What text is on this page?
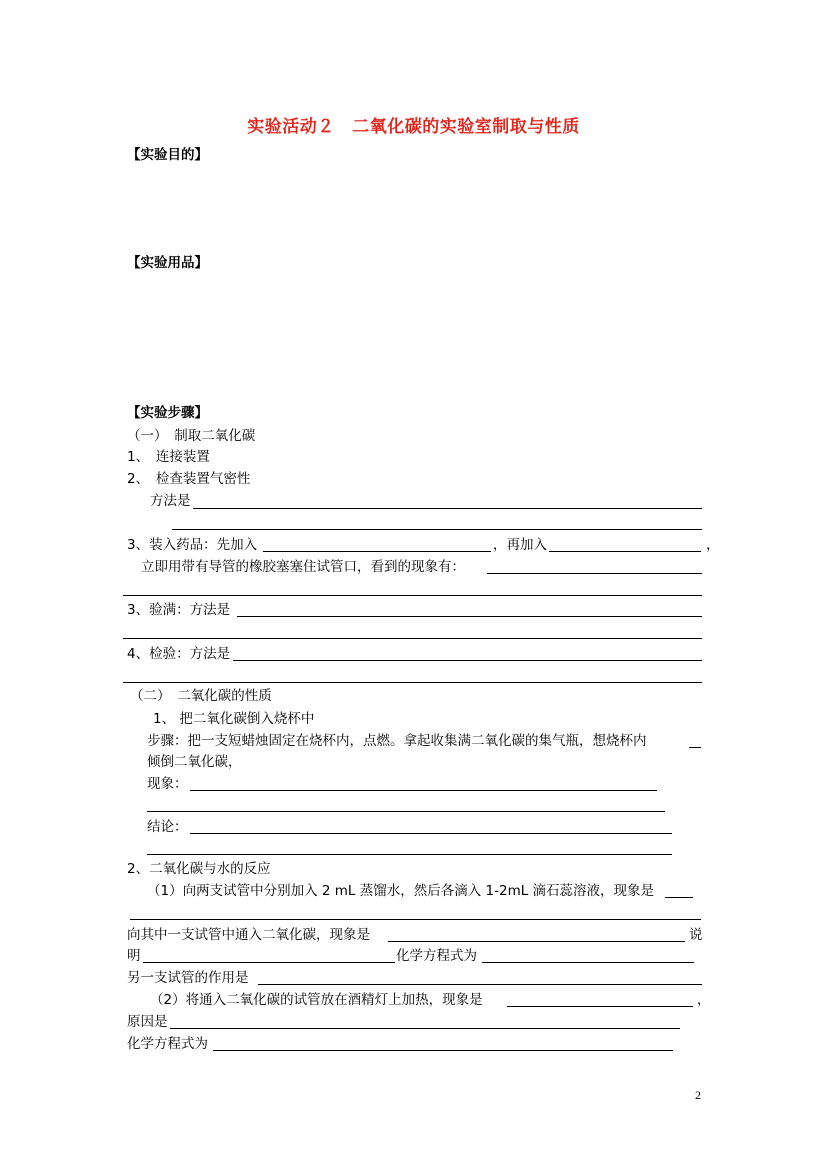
实验活动２　二氧化碳的实验室制取与性质
【实验目的】
【实验用品】
【实验步骤】
（一）　制取二氧化碳
1、　连接装置
2、　检查装置气密性
方法是
3、装入药品：先加入	，再加入	，
立即用带有导管的橡胶塞塞住试管口，看到的现象有：
3、验满：方法是
4、检验：方法是
（二）　二氧化碳的性质
1、 把二氧化碳倒入烧杯中
步骤：把一支短蜡烛固定在烧杯内，点燃。拿起收集满二氧化碳的集气瓶，想烧杯内
倾倒二氧化碳，
现象：
结论：
2、二氧化碳与水的反应
（1）向两支试管中分别加入 2 mL 蒸馏水，然后各滴入 1-2mL 滴石蕊溶液，现象是
向其中一支试管中通入二氧化碳，现象是	说
明	化学方程式为
另一支试管的作用是
（2）将通入二氧化碳的试管放在酒精灯上加热，现象是	，
原因是
化学方程式为
2
